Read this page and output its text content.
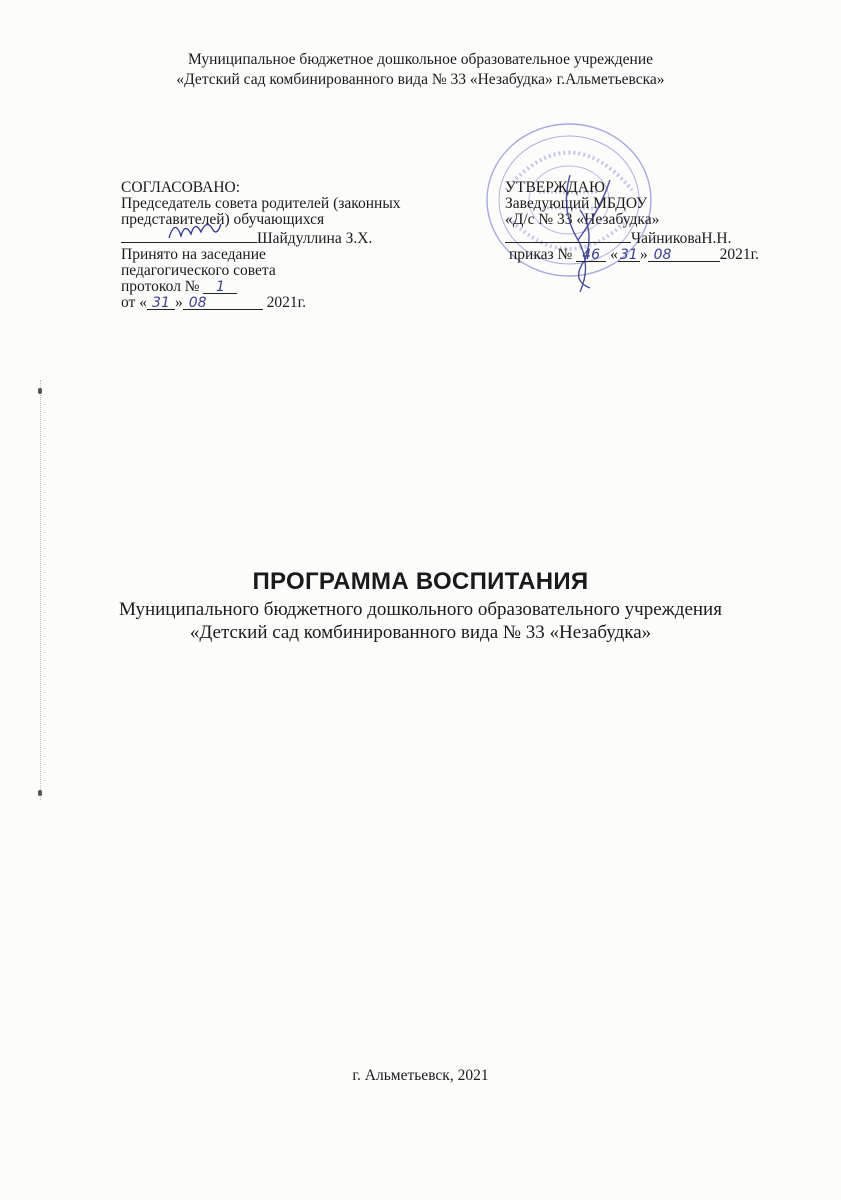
Муниципальное бюджетное дошкольное образовательное учреждение
«Детский сад комбинированного вида № 33 «Незабудка» г.Альметьевска»
СОГЛАСОВАНО:
Председатель совета родителей (законных
представителей) обучающихся
Шайдуллина З.Х.
Принято на заседание
педагогического совета
протокол № 1
от « 31 » 08	2021г.
УТВЕРЖДАЮ
Заведующий МБДОУ
«Д/с № 33 «Незабудка»
ЧайниковаН.Н.
приказ № 46 « 31 » 08	2021г.
ПРОГРАММА ВОСПИТАНИЯ
Муниципального бюджетного дошкольного образовательного учреждения
«Детский сад комбинированного вида № 33 «Незабудка»
г. Альметьевск, 2021
